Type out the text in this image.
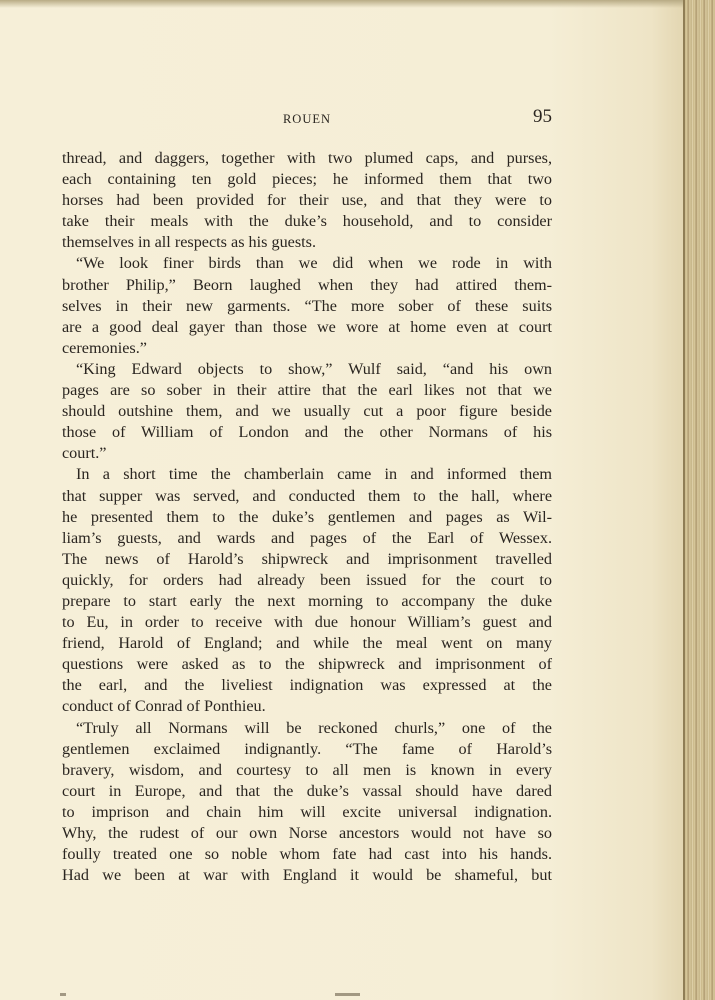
ROUEN	95
thread, and daggers, together with two plumed caps, and purses,
each containing ten gold pieces; he informed them that two
horses had been provided for their use, and that they were to
take their meals with the duke’s household, and to consider
themselves in all respects as his guests.
“We look finer birds than we did when we rode in with
brother Philip,” Beorn laughed when they had attired them-
selves in their new garments. “The more sober of these suits
are a good deal gayer than those we wore at home even at court
ceremonies.”
“King Edward objects to show,” Wulf said, “and his own
pages are so sober in their attire that the earl likes not that we
should outshine them, and we usually cut a poor figure beside
those of William of London and the other Normans of his
court.”
In a short time the chamberlain came in and informed them
that supper was served, and conducted them to the hall, where
he presented them to the duke’s gentlemen and pages as Wil-
liam’s guests, and wards and pages of the Earl of Wessex.
The news of Harold’s shipwreck and imprisonment travelled
quickly, for orders had already been issued for the court to
prepare to start early the next morning to accompany the duke
to Eu, in order to receive with due honour William’s guest and
friend, Harold of England; and while the meal went on many
questions were asked as to the shipwreck and imprisonment of
the earl, and the liveliest indignation was expressed at the
conduct of Conrad of Ponthieu.
“Truly all Normans will be reckoned churls,” one of the
gentlemen exclaimed indignantly. “The fame of Harold’s
bravery, wisdom, and courtesy to all men is known in every
court in Europe, and that the duke’s vassal should have dared
to imprison and chain him will excite universal indignation.
Why, the rudest of our own Norse ancestors would not have so
foully treated one so noble whom fate had cast into his hands.
Had we been at war with England it would be shameful, but
